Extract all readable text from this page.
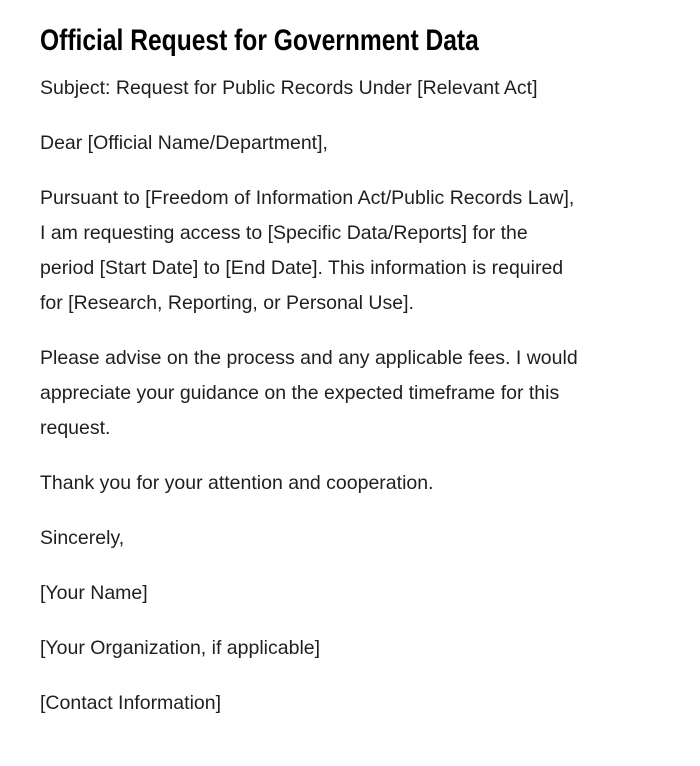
Official Request for Government Data
Subject: Request for Public Records Under [Relevant Act]
Dear [Official Name/Department],
Pursuant to [Freedom of Information Act/Public Records Law],
I am requesting access to [Specific Data/Reports] for the
period [Start Date] to [End Date]. This information is required
for [Research, Reporting, or Personal Use].
Please advise on the process and any applicable fees. I would
appreciate your guidance on the expected timeframe for this
request.
Thank you for your attention and cooperation.
Sincerely,
[Your Name]
[Your Organization, if applicable]
[Contact Information]
